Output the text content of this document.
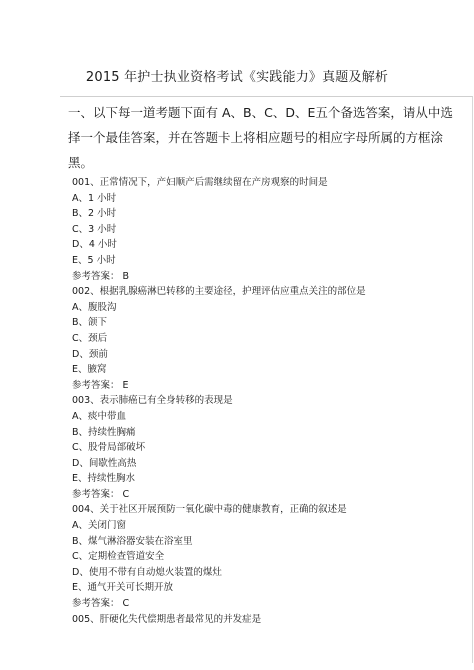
2015 年护士执业资格考试《实践能力》真题及解析

一、以下每一道考题下面有 A、B、C、D、E五个备选答案，请从中选

择一个最佳答案，并在答题卡上将相应题号的相应字母所属的方框涂

黑。

001、正常情况下，产妇顺产后需继续留在产房观察的时间是
A、1 小时
B、2 小时
C、3 小时
D、4 小时
E、5 小时
参考答案： B
002、根据乳腺癌淋巴转移的主要途径，护理评估应重点关注的部位是
A、腹股沟
B、颌下
C、颈后
D、颈前
E、腋窝
参考答案： E
003、表示肺癌已有全身转移的表现是
A、痰中带血
B、持续性胸痛
C、股骨局部破坏
D、间歇性高热
E、持续性胸水
参考答案： C
004、关于社区开展预防一氧化碳中毒的健康教育，正确的叙述是
A、关闭门窗
B、煤气淋浴器安装在浴室里
C、定期检查管道安全
D、使用不带有自动熄火装置的煤灶
E、通气开关可长期开放
参考答案： C
005、肝硬化失代偿期患者最常见的并发症是
